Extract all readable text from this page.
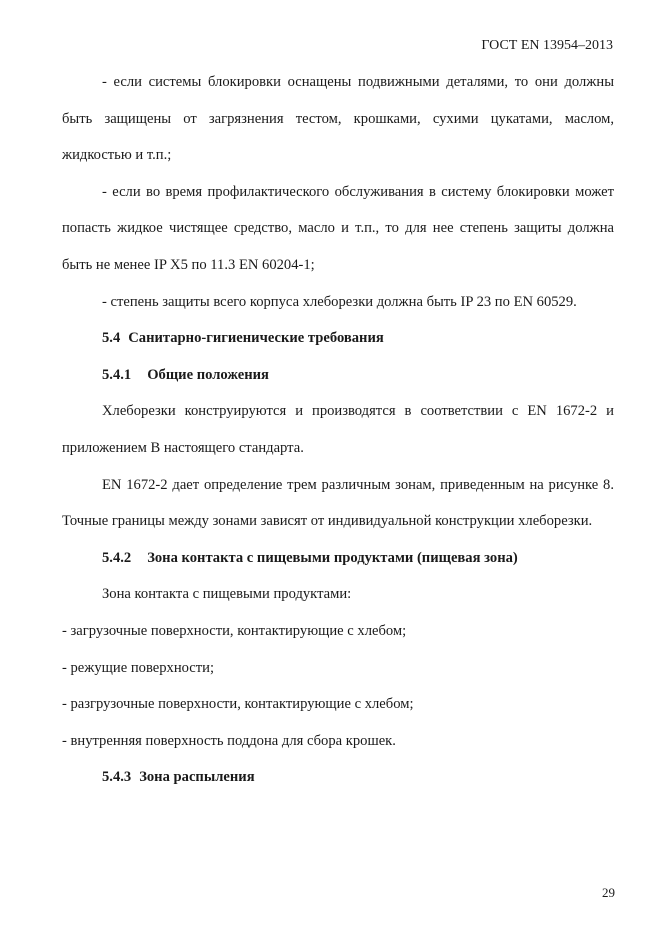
ГОСТ EN 13954–2013

- если системы блокировки оснащены подвижными деталями, то они должны быть защищены от загрязнения тестом, крошками, сухими цукатами, маслом, жидкостью и т.п.;

- если во время профилактического обслуживания в систему блокировки может попасть жидкое чистящее средство, масло и т.п., то для нее степень защиты должна быть не менее IP X5 по 11.3 EN 60204-1;

- степень защиты всего корпуса хлеборезки должна быть IP 23 по EN 60529.

5.4 Санитарно-гигиенические требования
5.4.1 Общие положения

Хлеборезки конструируются и производятся в соответствии с EN 1672-2 и приложением В настоящего стандарта.

EN 1672-2 дает определение трем различным зонам, приведенным на рисунке 8. Точные границы между зонами зависят от индивидуальной конструкции хлеборезки.

5.4.2 Зона контакта с пищевыми продуктами (пищевая зона)

Зона контакта с пищевыми продуктами:

- загрузочные поверхности, контактирующие с хлебом;

- режущие поверхности;

- разгрузочные поверхности, контактирующие с хлебом;

- внутренняя поверхность поддона для сбора крошек.

5.4.3 Зона распыления
29
